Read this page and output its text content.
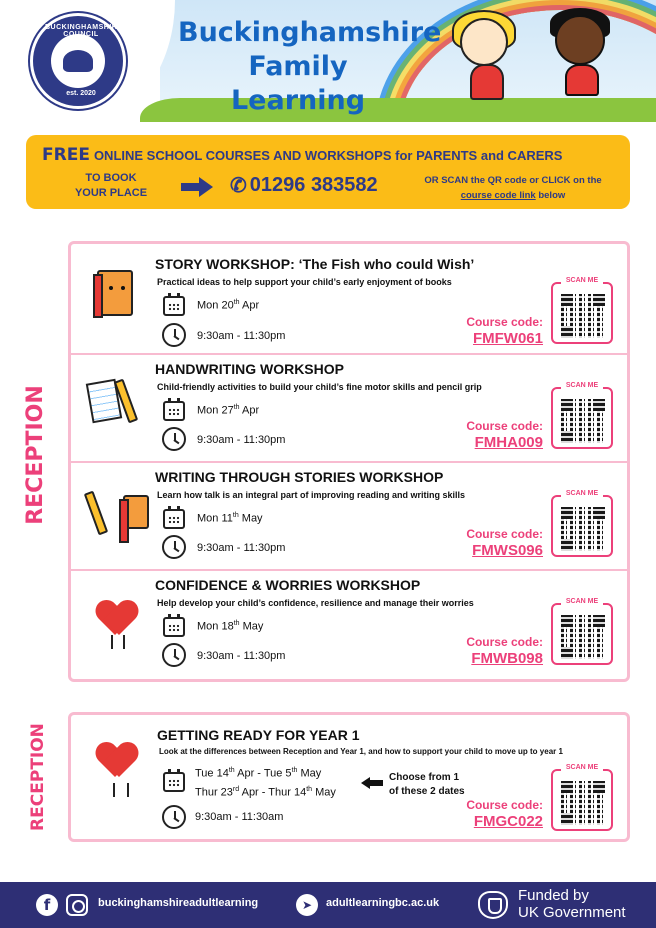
BUCKINGHAMSHIRE COUNCIL
est. 2020
Buckinghamshire
Family Learning
FREE ONLINE SCHOOL COURSES AND WORKSHOPS for PARENTS and CARERS
TO BOOK
YOUR PLACE	✆ 01296 383582	OR SCAN the QR code or CLICK on the
course code link below
RECEPTION
RECEPTION
STORY WORKSHOP: ‘The Fish who could Wish’
Practical ideas to help support your child’s early enjoyment of books
Mon 20th Apr
9:30am - 11:30pm
Course code:
FMFW061
SCAN ME
HANDWRITING WORKSHOP
Child-friendly activities to build your child’s fine motor skills and pencil grip
Mon 27th Apr
9:30am - 11:30pm
Course code:
FMHA009
SCAN ME
WRITING THROUGH STORIES WORKSHOP
Learn how talk is an integral part of improving reading and writing skills
Mon 11th May
9:30am - 11:30pm
Course code:
FMWS096
SCAN ME
CONFIDENCE & WORRIES WORKSHOP
Help develop your child’s confidence, resilience and manage their worries
Mon 18th May
9:30am - 11:30pm
Course code:
FMWB098
SCAN ME
GETTING READY FOR YEAR 1
Look at the differences between Reception and Year 1, and how to support your child to move up to year 1
Tue 14th Apr - Tue 5th May
Thur 23rd Apr - Thur 14th May
Choose from 1
of these 2 dates
9:30am - 11:30am
Course code:
FMGC022
SCAN ME
f	buckinghamshireadultlearning	➤	adultlearningbc.ac.uk	Funded by
UK Government
